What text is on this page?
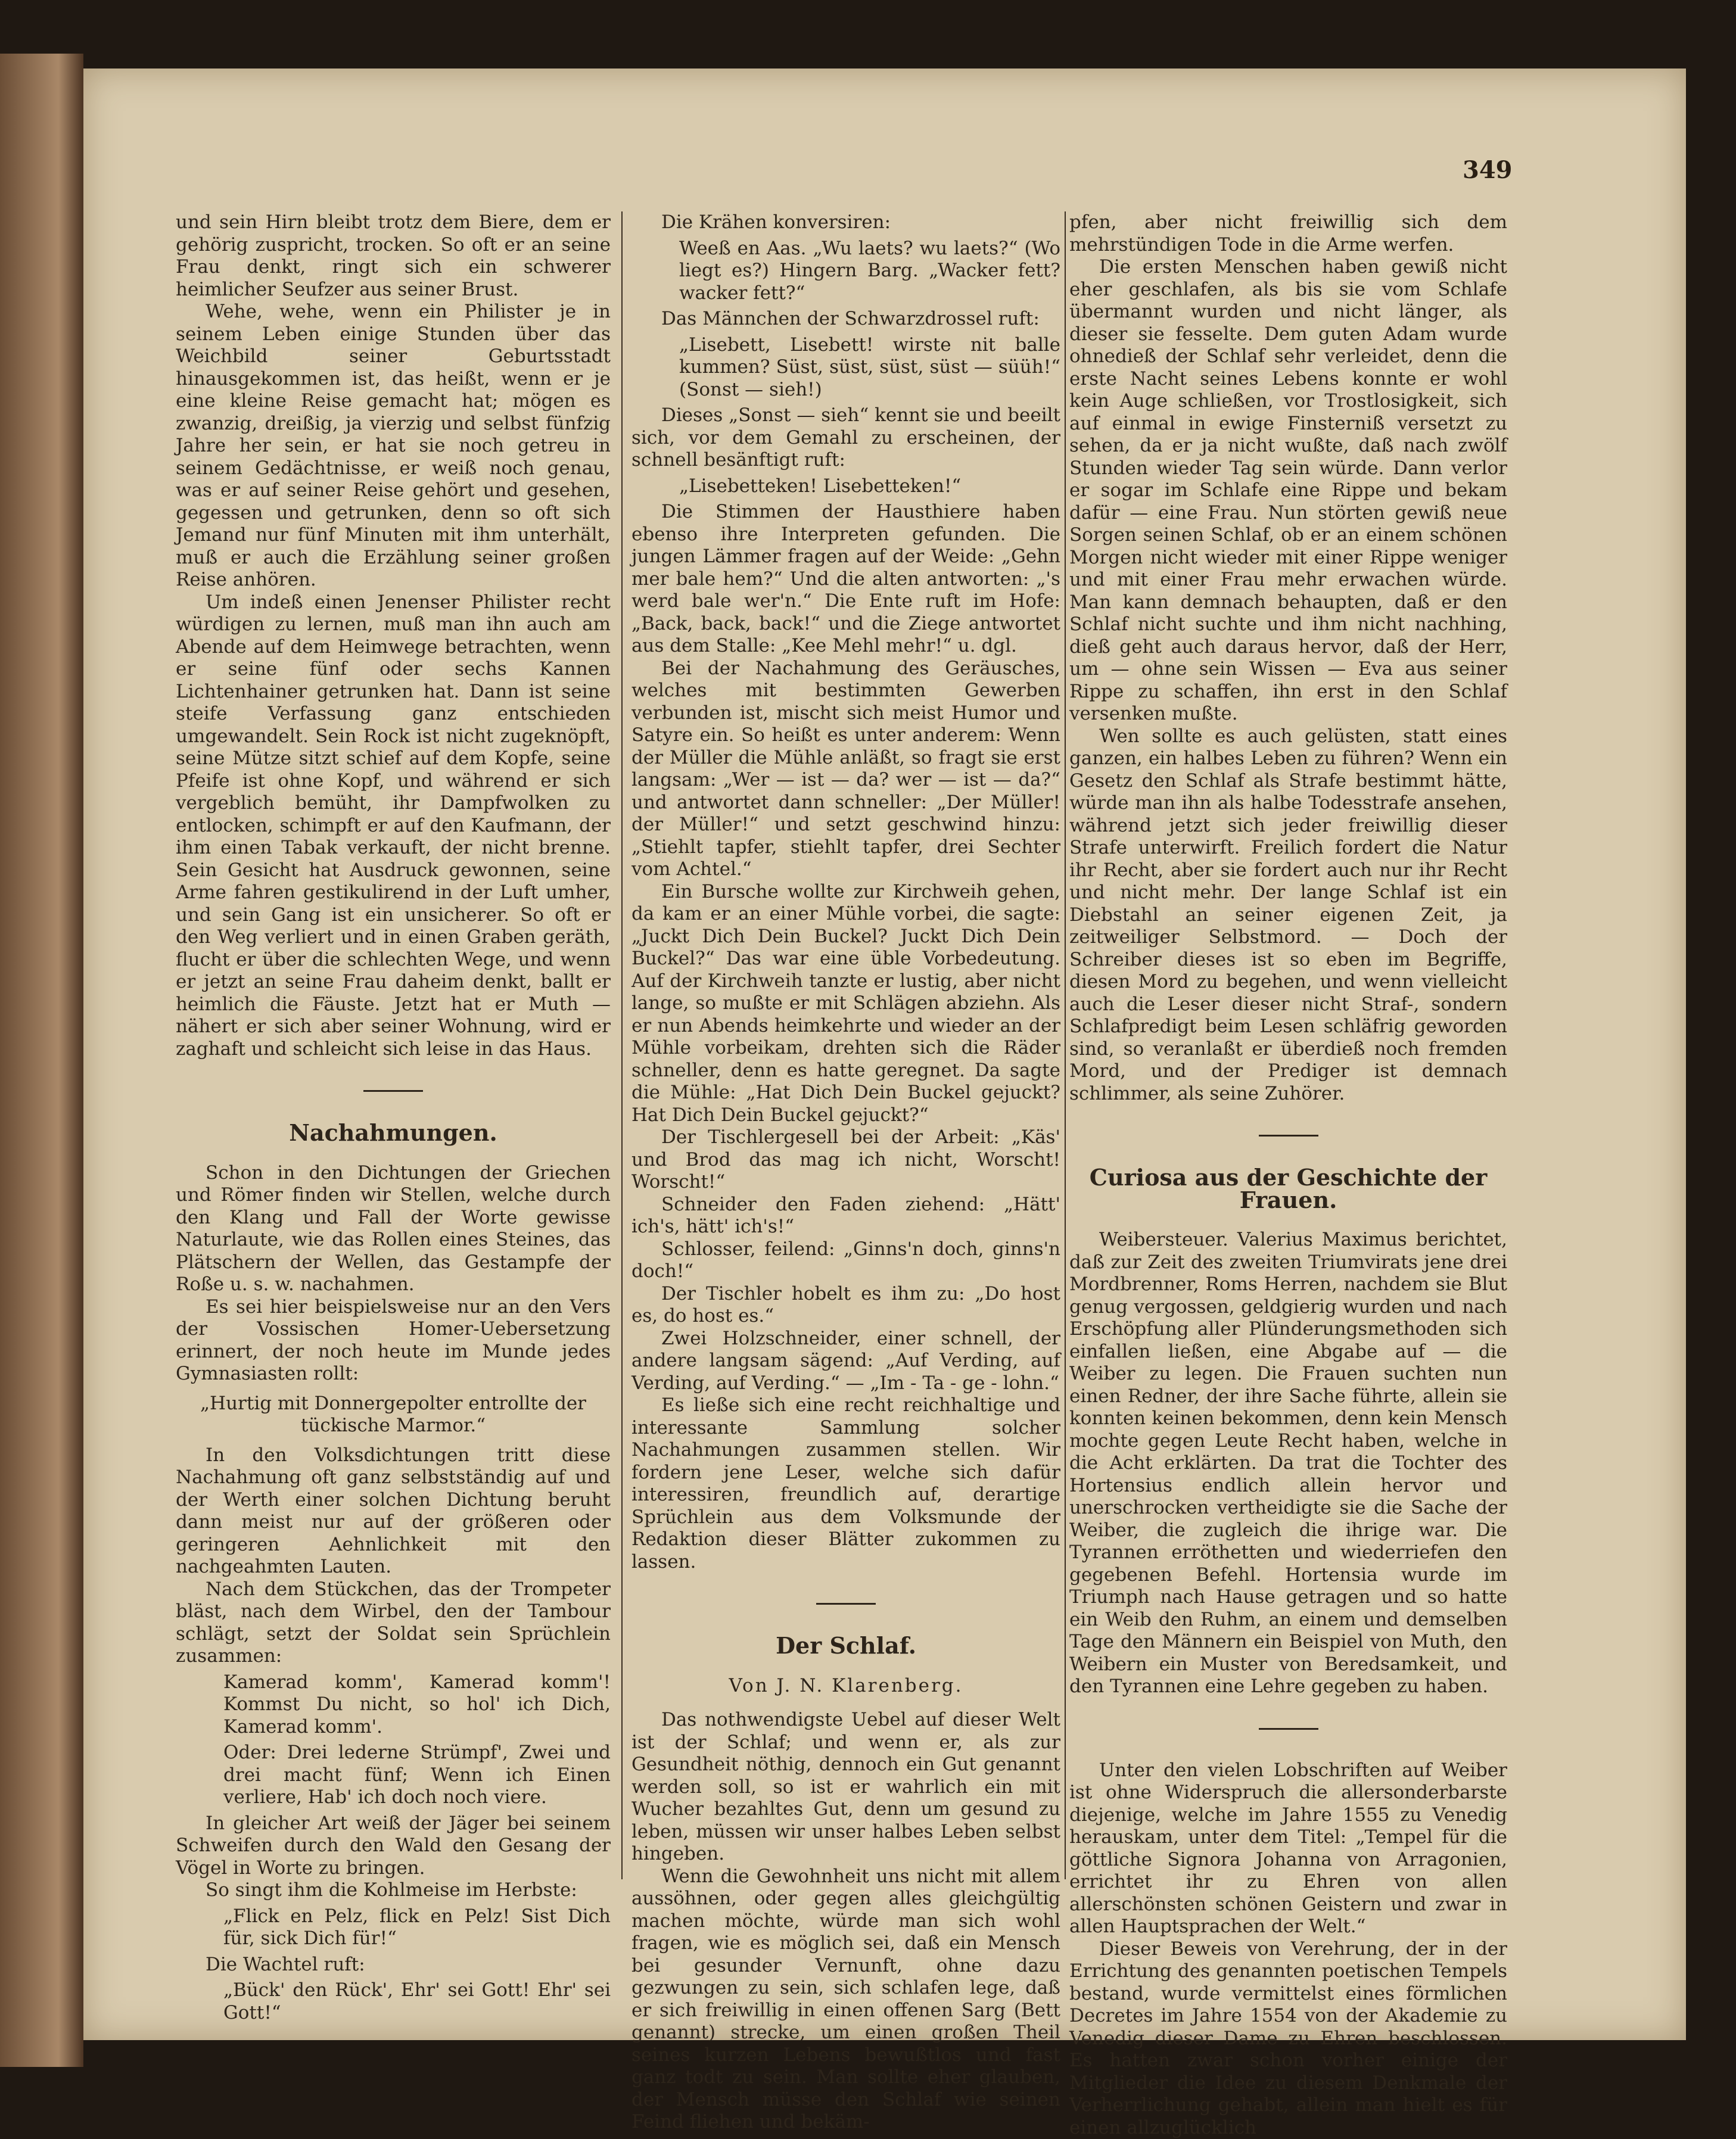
349

und sein Hirn bleibt trotz dem Biere, dem er gehörig zuspricht, trocken. So oft er an seine Frau denkt, ringt sich ein schwerer heimlicher Seufzer aus seiner Brust.

Wehe, wehe, wenn ein Philister je in seinem Leben einige Stunden über das Weichbild seiner Geburtsstadt hinausgekommen ist, das heißt, wenn er je eine kleine Reise gemacht hat; mögen es zwanzig, dreißig, ja vierzig und selbst fünfzig Jahre her sein, er hat sie noch getreu in seinem Gedächtnisse, er weiß noch genau, was er auf seiner Reise gehört und gesehen, gegessen und getrunken, denn so oft sich Jemand nur fünf Minuten mit ihm unterhält, muß er auch die Erzählung seiner großen Reise anhören.

Um indeß einen Jenenser Philister recht würdigen zu lernen, muß man ihn auch am Abende auf dem Heimwege betrachten, wenn er seine fünf oder sechs Kannen Lichtenhainer getrunken hat. Dann ist seine steife Verfassung ganz entschieden umgewandelt. Sein Rock ist nicht zugeknöpft, seine Mütze sitzt schief auf dem Kopfe, seine Pfeife ist ohne Kopf, und während er sich vergeblich bemüht, ihr Dampfwolken zu entlocken, schimpft er auf den Kaufmann, der ihm einen Tabak verkauft, der nicht brenne. Sein Gesicht hat Ausdruck gewonnen, seine Arme fahren gestikulirend in der Luft umher, und sein Gang ist ein unsicherer. So oft er den Weg verliert und in einen Graben geräth, flucht er über die schlechten Wege, und wenn er jetzt an seine Frau daheim denkt, ballt er heimlich die Fäuste. Jetzt hat er Muth — nähert er sich aber seiner Wohnung, wird er zaghaft und schleicht sich leise in das Haus.

Nachahmungen.

Schon in den Dichtungen der Griechen und Römer finden wir Stellen, welche durch den Klang und Fall der Worte gewisse Naturlaute, wie das Rollen eines Steines, das Plätschern der Wellen, das Gestampfe der Roße u. s. w. nachahmen.

Es sei hier beispielsweise nur an den Vers der Vossischen Homer-Uebersetzung erinnert, der noch heute im Munde jedes Gymnasiasten rollt:

„Hurtig mit Donnergepolter entrollte der tückische Marmor.“

In den Volksdichtungen tritt diese Nachahmung oft ganz selbstständig auf und der Werth einer solchen Dichtung beruht dann meist nur auf der größeren oder geringeren Aehnlichkeit mit den nachgeahmten Lauten.

Nach dem Stückchen, das der Trompeter bläst, nach dem Wirbel, den der Tambour schlägt, setzt der Soldat sein Sprüchlein zusammen:

Kamerad komm', Kamerad komm'! Kommst Du nicht, so hol' ich Dich, Kamerad komm'.

Oder: Drei lederne Strümpf', Zwei und drei macht fünf; Wenn ich Einen verliere, Hab' ich doch noch viere.

In gleicher Art weiß der Jäger bei seinem Schweifen durch den Wald den Gesang der Vögel in Worte zu bringen.

So singt ihm die Kohlmeise im Herbste:

„Flick en Pelz, flick en Pelz! Sist Dich für, sick Dich für!“

Die Wachtel ruft:

„Bück' den Rück', Ehr' sei Gott! Ehr' sei Gott!“

Die Krähen konversiren:

Weeß en Aas. „Wu laets? wu laets?“ (Wo liegt es?) Hingern Barg. „Wacker fett? wacker fett?“

Das Männchen der Schwarzdrossel ruft:

„Lisebett, Lisebett! wirste nit balle kummen? Süst, süst, süst, süst — süüh!“ (Sonst — sieh!)

Dieses „Sonst — sieh“ kennt sie und beeilt sich, vor dem Gemahl zu erscheinen, der schnell besänftigt ruft:

„Lisebetteken! Lisebetteken!“

Die Stimmen der Hausthiere haben ebenso ihre Interpreten gefunden. Die jungen Lämmer fragen auf der Weide: „Gehn mer bale hem?“ Und die alten antworten: „'s werd bale wer'n.“ Die Ente ruft im Hofe: „Back, back, back!“ und die Ziege antwortet aus dem Stalle: „Kee Mehl mehr!“ u. dgl.

Bei der Nachahmung des Geräusches, welches mit bestimmten Gewerben verbunden ist, mischt sich meist Humor und Satyre ein. So heißt es unter anderem: Wenn der Müller die Mühle anläßt, so fragt sie erst langsam: „Wer — ist — da? wer — ist — da?“ und antwortet dann schneller: „Der Müller! der Müller!“ und setzt geschwind hinzu: „Stiehlt tapfer, stiehlt tapfer, drei Sechter vom Achtel.“

Ein Bursche wollte zur Kirchweih gehen, da kam er an einer Mühle vorbei, die sagte: „Juckt Dich Dein Buckel? Juckt Dich Dein Buckel?“ Das war eine üble Vorbedeutung. Auf der Kirchweih tanzte er lustig, aber nicht lange, so mußte er mit Schlägen abziehn. Als er nun Abends heimkehrte und wieder an der Mühle vorbeikam, drehten sich die Räder schneller, denn es hatte geregnet. Da sagte die Mühle: „Hat Dich Dein Buckel gejuckt? Hat Dich Dein Buckel gejuckt?“

Der Tischlergesell bei der Arbeit: „Käs' und Brod das mag ich nicht, Worscht! Worscht!“

Schneider den Faden ziehend: „Hätt' ich's, hätt' ich's!“

Schlosser, feilend: „Ginns'n doch, ginns'n doch!“

Der Tischler hobelt es ihm zu: „Do host es, do host es.“

Zwei Holzschneider, einer schnell, der andere langsam sägend: „Auf Verding, auf Verding, auf Verding.“ — „Im - Ta - ge - lohn.“

Es ließe sich eine recht reichhaltige und interessante Sammlung solcher Nachahmungen zusammen stellen. Wir fordern jene Leser, welche sich dafür interessiren, freundlich auf, derartige Sprüchlein aus dem Volksmunde der Redaktion dieser Blätter zukommen zu lassen.

Der Schlaf.
Von J. N. Klarenberg.

Das nothwendigste Uebel auf dieser Welt ist der Schlaf; und wenn er, als zur Gesundheit nöthig, dennoch ein Gut genannt werden soll, so ist er wahrlich ein mit Wucher bezahltes Gut, denn um gesund zu leben, müssen wir unser halbes Leben selbst hingeben.

Wenn die Gewohnheit uns nicht mit allem aussöhnen, oder gegen alles gleichgültig machen möchte, würde man sich wohl fragen, wie es möglich sei, daß ein Mensch bei gesunder Vernunft, ohne dazu gezwungen zu sein, sich schlafen lege, daß er sich freiwillig in einen offenen Sarg (Bett genannt) strecke, um einen großen Theil seines kurzen Lebens bewußtlos und fast ganz todt zu sein. Man sollte eher glauben, der Mensch müsse den Schlaf wie seinen Feind fliehen und bekäm-

pfen, aber nicht freiwillig sich dem mehrstündigen Tode in die Arme werfen.

Die ersten Menschen haben gewiß nicht eher geschlafen, als bis sie vom Schlafe übermannt wurden und nicht länger, als dieser sie fesselte. Dem guten Adam wurde ohnedieß der Schlaf sehr verleidet, denn die erste Nacht seines Lebens konnte er wohl kein Auge schließen, vor Trostlosigkeit, sich auf einmal in ewige Finsterniß versetzt zu sehen, da er ja nicht wußte, daß nach zwölf Stunden wieder Tag sein würde. Dann verlor er sogar im Schlafe eine Rippe und bekam dafür — eine Frau. Nun störten gewiß neue Sorgen seinen Schlaf, ob er an einem schönen Morgen nicht wieder mit einer Rippe weniger und mit einer Frau mehr erwachen würde. Man kann demnach behaupten, daß er den Schlaf nicht suchte und ihm nicht nachhing, dieß geht auch daraus hervor, daß der Herr, um — ohne sein Wissen — Eva aus seiner Rippe zu schaffen, ihn erst in den Schlaf versenken mußte.

Wen sollte es auch gelüsten, statt eines ganzen, ein halbes Leben zu führen? Wenn ein Gesetz den Schlaf als Strafe bestimmt hätte, würde man ihn als halbe Todesstrafe ansehen, während jetzt sich jeder freiwillig dieser Strafe unterwirft. Freilich fordert die Natur ihr Recht, aber sie fordert auch nur ihr Recht und nicht mehr. Der lange Schlaf ist ein Diebstahl an seiner eigenen Zeit, ja zeitweiliger Selbstmord. — Doch der Schreiber dieses ist so eben im Begriffe, diesen Mord zu begehen, und wenn vielleicht auch die Leser dieser nicht Straf-, sondern Schlafpredigt beim Lesen schläfrig geworden sind, so veranlaßt er überdieß noch fremden Mord, und der Prediger ist demnach schlimmer, als seine Zuhörer.

Curiosa aus der Geschichte der Frauen.

Weibersteuer. Valerius Maximus berichtet, daß zur Zeit des zweiten Triumvirats jene drei Mordbrenner, Roms Herren, nachdem sie Blut genug vergossen, geldgierig wurden und nach Erschöpfung aller Plünderungsmethoden sich einfallen ließen, eine Abgabe auf — die Weiber zu legen. Die Frauen suchten nun einen Redner, der ihre Sache führte, allein sie konnten keinen bekommen, denn kein Mensch mochte gegen Leute Recht haben, welche in die Acht erklärten. Da trat die Tochter des Hortensius endlich allein hervor und unerschrocken vertheidigte sie die Sache der Weiber, die zugleich die ihrige war. Die Tyrannen erröthetten und wiederriefen den gegebenen Befehl. Hortensia wurde im Triumph nach Hause getragen und so hatte ein Weib den Ruhm, an einem und demselben Tage den Männern ein Beispiel von Muth, den Weibern ein Muster von Beredsamkeit, und den Tyrannen eine Lehre gegeben zu haben.

Unter den vielen Lobschriften auf Weiber ist ohne Widerspruch die allersonderbarste diejenige, welche im Jahre 1555 zu Venedig herauskam, unter dem Titel: „Tempel für die göttliche Signora Johanna von Arragonien, errichtet ihr zu Ehren von allen allerschönsten schönen Geistern und zwar in allen Hauptsprachen der Welt.“

Dieser Beweis von Verehrung, der in der Errichtung des genannten poetischen Tempels bestand, wurde vermittelst eines förmlichen Decretes im Jahre 1554 von der Akademie zu Venedig dieser Dame zu Ehren beschlossen. Es hatten zwar schon vorher einige der Mitglieder die Idee zu diesem Denkmale der Verherrlichung gehabt, allein man hielt es für einen allzuglücklich
